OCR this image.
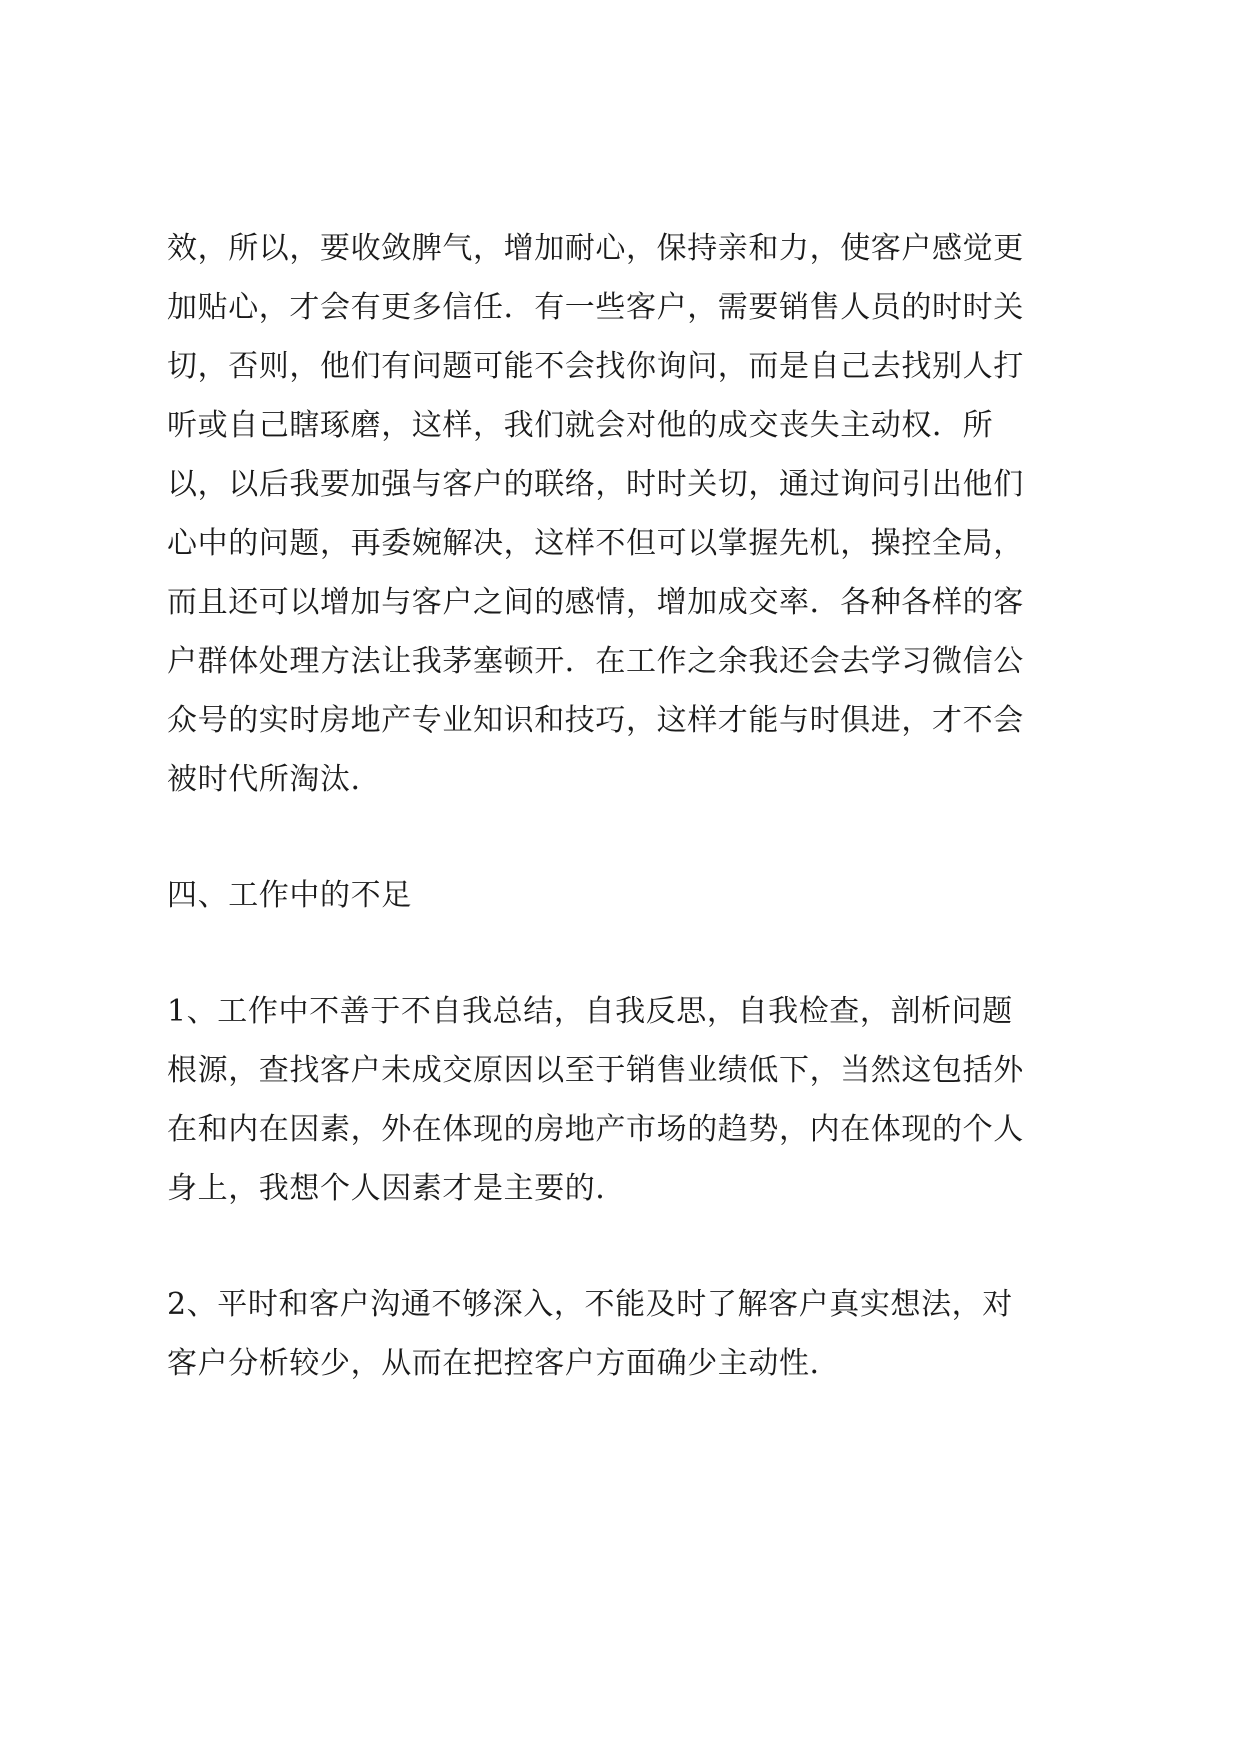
效，所以，要收敛脾气，增加耐心，保持亲和力，使客户感觉更
加贴心，才会有更多信任．有一些客户，需要销售人员的时时关
切，否则，他们有问题可能不会找你询问，而是自己去找别人打
听或自己瞎琢磨，这样，我们就会对他的成交丧失主动权．所
以，以后我要加强与客户的联络，时时关切，通过询问引出他们
心中的问题，再委婉解决，这样不但可以掌握先机，操控全局，
而且还可以增加与客户之间的感情，增加成交率．各种各样的客
户群体处理方法让我茅塞顿开．在工作之余我还会去学习微信公
众号的实时房地产专业知识和技巧，这样才能与时俱进，才不会
被时代所淘汰．
四、工作中的不足
1、工作中不善于不自我总结，自我反思，自我检查，剖析问题
根源，查找客户未成交原因以至于销售业绩低下，当然这包括外
在和内在因素，外在体现的房地产市场的趋势，内在体现的个人
身上，我想个人因素才是主要的．
2、平时和客户沟通不够深入，不能及时了解客户真实想法，对
客户分析较少，从而在把控客户方面确少主动性．
